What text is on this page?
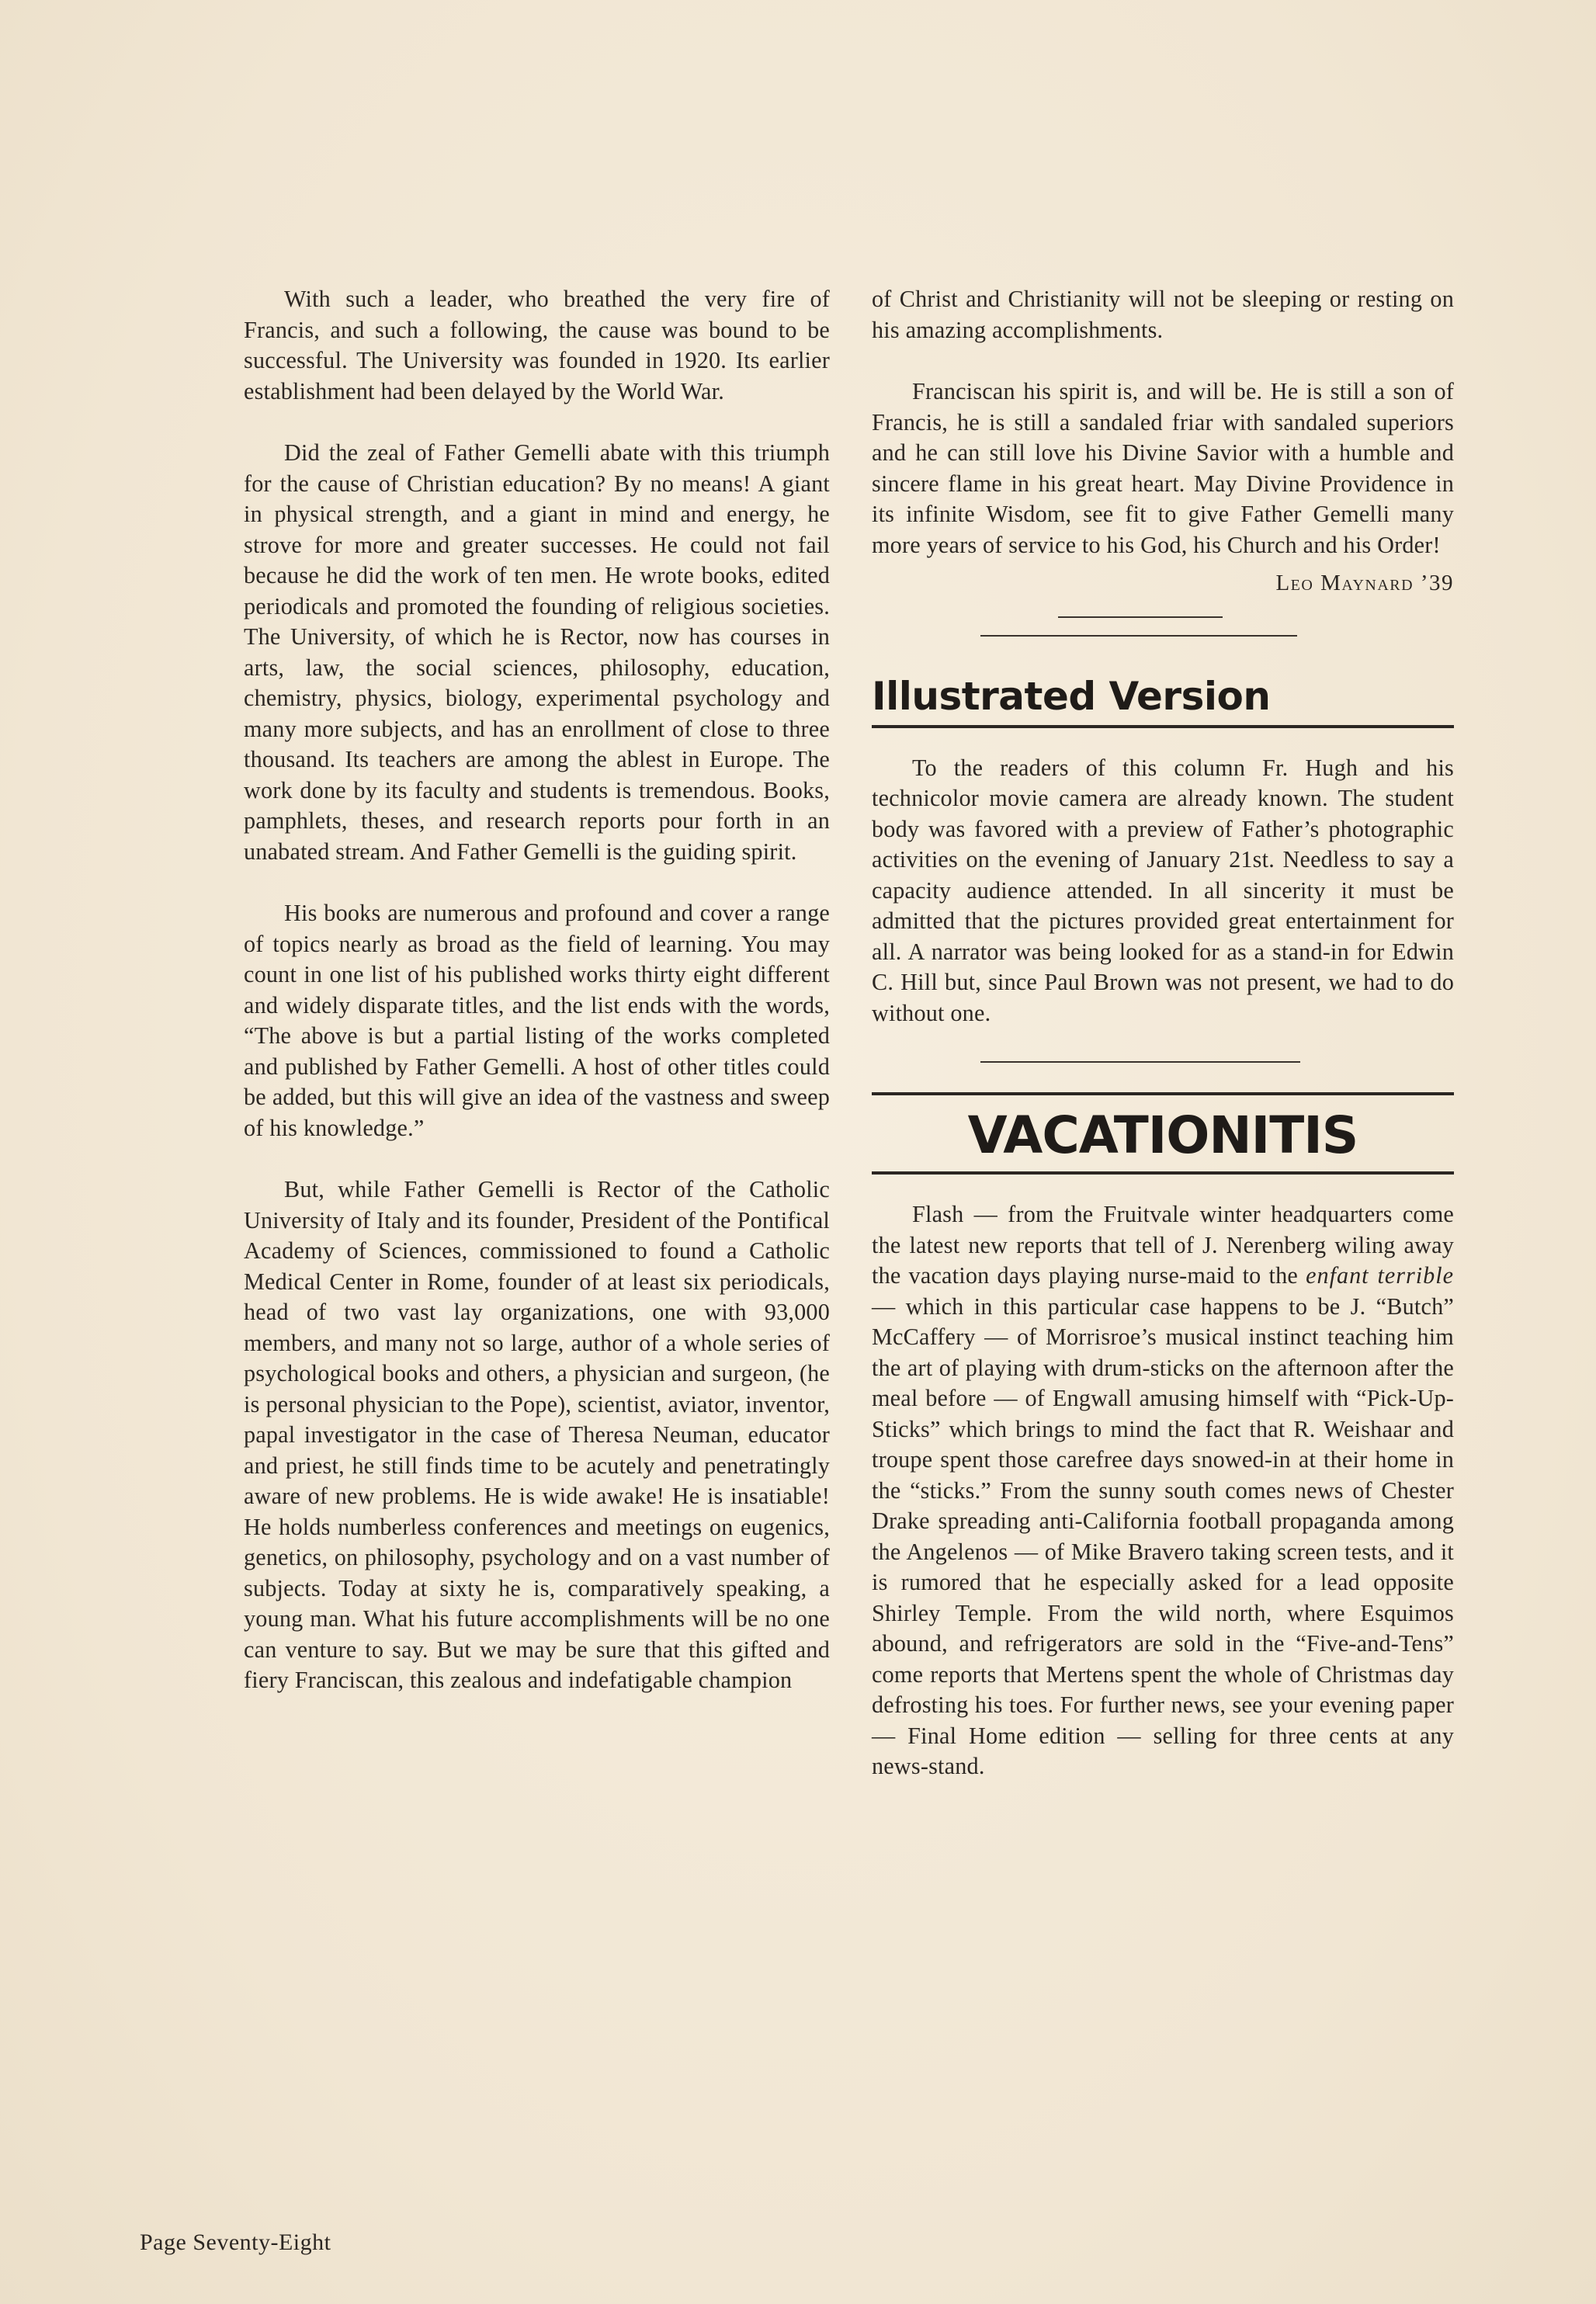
With such a leader, who breathed the very fire of Francis, and such a following, the cause was bound to be successful. The University was founded in 1920. Its earlier establishment had been delayed by the World War.

Did the zeal of Father Gemelli abate with this triumph for the cause of Christian education? By no means! A giant in physical strength, and a giant in mind and energy, he strove for more and greater successes. He could not fail because he did the work of ten men. He wrote books, edited periodicals and promoted the founding of religious societies. The University, of which he is Rector, now has courses in arts, law, the social sciences, philosophy, education, chemistry, physics, biology, experimental psychology and many more subjects, and has an enrollment of close to three thousand. Its teachers are among the ablest in Europe. The work done by its faculty and students is tremendous. Books, pamphlets, theses, and research reports pour forth in an unabated stream. And Father Gemelli is the guiding spirit.

His books are numerous and profound and cover a range of topics nearly as broad as the field of learning. You may count in one list of his published works thirty eight different and widely disparate titles, and the list ends with the words, “The above is but a partial listing of the works completed and published by Father Gemelli. A host of other titles could be added, but this will give an idea of the vastness and sweep of his knowledge.”

But, while Father Gemelli is Rector of the Catholic University of Italy and its founder, President of the Pontifical Academy of Sciences, commissioned to found a Catholic Medical Center in Rome, founder of at least six periodicals, head of two vast lay organizations, one with 93,000 members, and many not so large, author of a whole series of psychological books and others, a physician and surgeon, (he is personal physician to the Pope), scientist, aviator, inventor, papal investigator in the case of Theresa Neuman, educator and priest, he still finds time to be acutely and penetratingly aware of new problems. He is wide awake! He is insatiable! He holds numberless conferences and meetings on eugenics, genetics, on philosophy, psychology and on a vast number of subjects. Today at sixty he is, comparatively speaking, a young man. What his future accomplishments will be no one can venture to say. But we may be sure that this gifted and fiery Franciscan, this zealous and indefatigable champion

of Christ and Christianity will not be sleeping or resting on his amazing accomplishments.

Franciscan his spirit is, and will be. He is still a son of Francis, he is still a sandaled friar with sandaled superiors and he can still love his Divine Savior with a humble and sincere flame in his great heart. May Divine Providence in its infinite Wisdom, see fit to give Father Gemelli many more years of service to his God, his Church and his Order!

Leo Maynard ’39
Illustrated Version

To the readers of this column Fr. Hugh and his technicolor movie camera are already known. The student body was favored with a preview of Father’s photographic activities on the evening of January 21st. Needless to say a capacity audience attended. In all sincerity it must be admitted that the pictures provided great entertainment for all. A narrator was being looked for as a stand-in for Edwin C. Hill but, since Paul Brown was not present, we had to do without one.

VACATIONITIS

Flash — from the Fruitvale winter headquarters come the latest new reports that tell of J. Nerenberg wiling away the vacation days playing nurse-maid to the enfant terrible — which in this particular case happens to be J. “Butch” McCaffery — of Morrisroe’s musical instinct teaching him the art of playing with drum-sticks on the afternoon after the meal before — of Engwall amusing himself with “Pick-Up-Sticks” which brings to mind the fact that R. Weishaar and troupe spent those carefree days snowed-in at their home in the “sticks.” From the sunny south comes news of Chester Drake spreading anti-California football propaganda among the Angelenos — of Mike Bravero taking screen tests, and it is rumored that he especially asked for a lead opposite Shirley Temple. From the wild north, where Esquimos abound, and refrigerators are sold in the “Five-and-Tens” come reports that Mertens spent the whole of Christmas day defrosting his toes. For further news, see your evening paper — Final Home edition — selling for three cents at any news-stand.

Page Seventy-Eight
